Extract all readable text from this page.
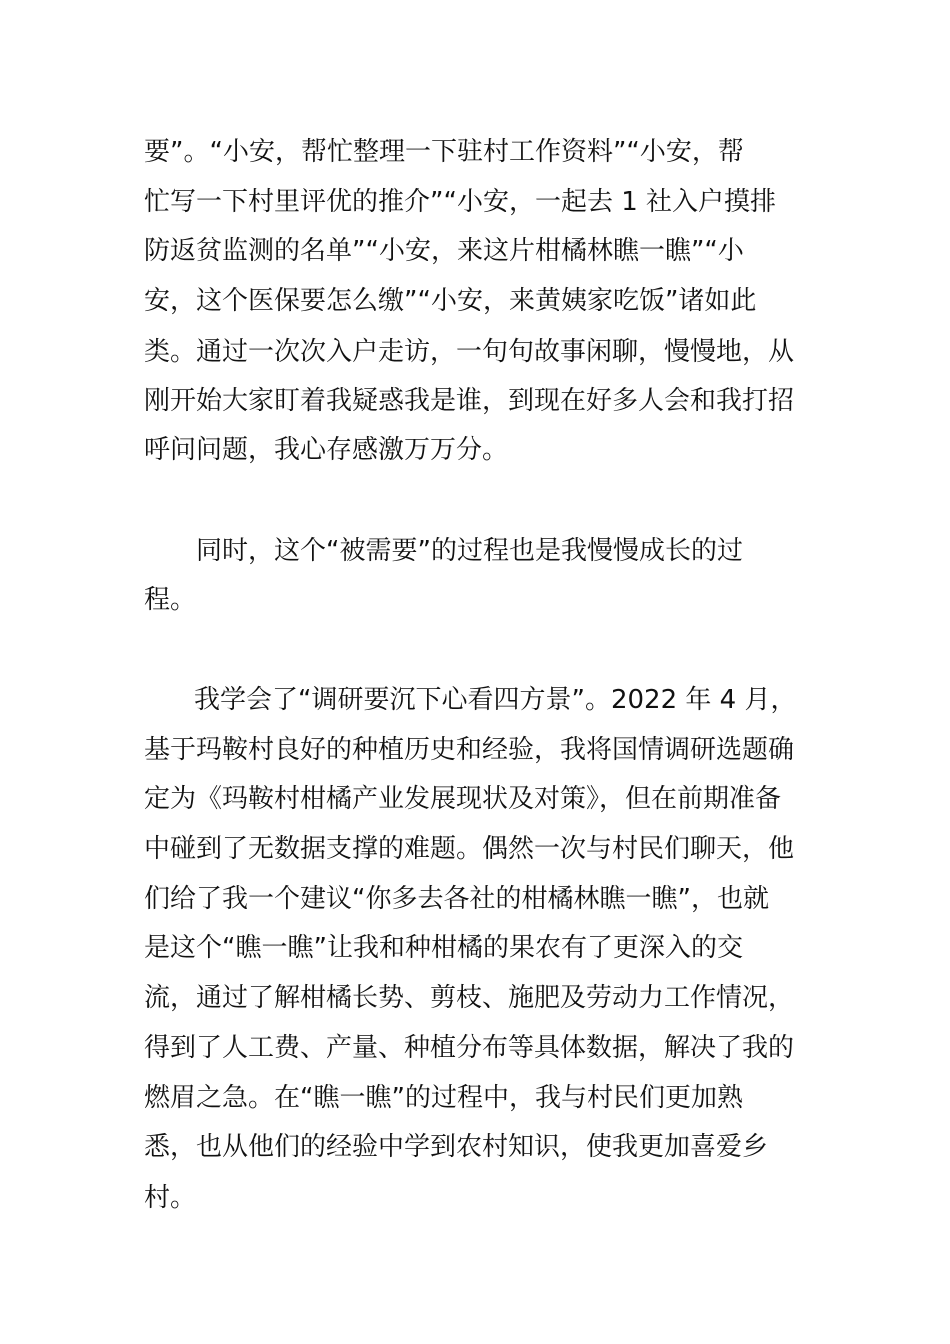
要”。“小安，帮忙整理一下驻村工作资料”“小安，帮
忙写一下村里评优的推介”“小安，一起去 1 社入户摸排
防返贫监测的名单”“小安，来这片柑橘林瞧一瞧”“小
安，这个医保要怎么缴”“小安，来黄姨家吃饭”诸如此
类。通过一次次入户走访，一句句故事闲聊，慢慢地，从
刚开始大家盯着我疑惑我是谁，到现在好多人会和我打招
呼问问题，我心存感激万万分。
同时，这个“被需要”的过程也是我慢慢成长的过
程。
我学会了“调研要沉下心看四方景”。2022 年 4 月，
基于玛鞍村良好的种植历史和经验，我将国情调研选题确
定为《玛鞍村柑橘产业发展现状及对策》，但在前期准备
中碰到了无数据支撑的难题。偶然一次与村民们聊天，他
们给了我一个建议“你多去各社的柑橘林瞧一瞧”，也就
是这个“瞧一瞧”让我和种柑橘的果农有了更深入的交
流，通过了解柑橘长势、剪枝、施肥及劳动力工作情况，
得到了人工费、产量、种植分布等具体数据，解决了我的
燃眉之急。在“瞧一瞧”的过程中，我与村民们更加熟
悉，也从他们的经验中学到农村知识，使我更加喜爱乡
村。
